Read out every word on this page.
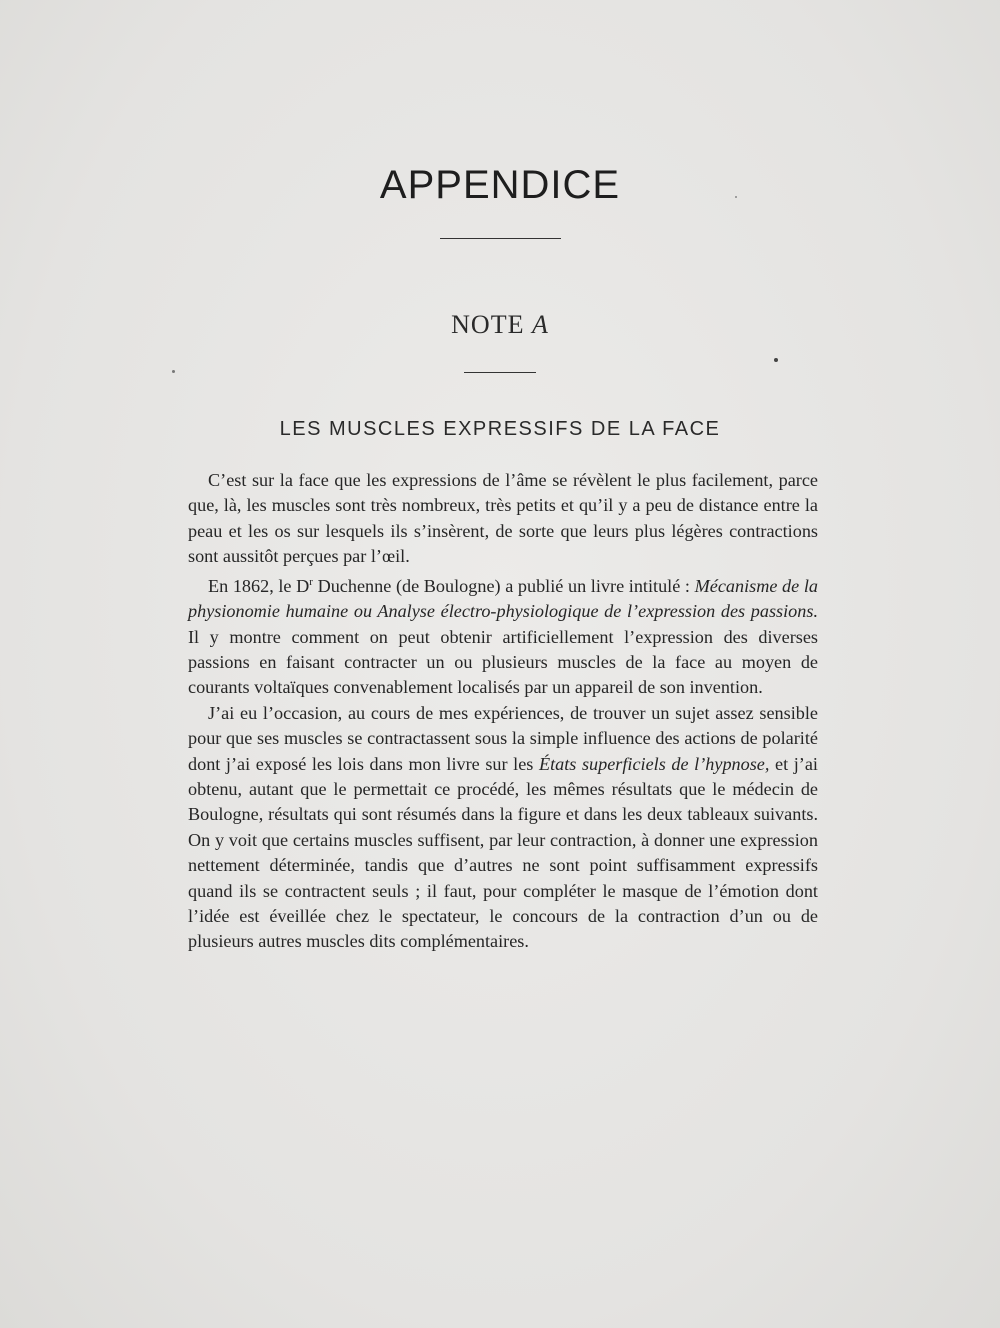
APPENDICE
NOTE A
LES MUSCLES EXPRESSIFS DE LA FACE

C’est sur la face que les expressions de l’âme se révèlent le plus facilement, parce que, là, les muscles sont très nombreux, très petits et qu’il y a peu de distance entre la peau et les os sur lesquels ils s’insèrent, de sorte que leurs plus légères contractions sont aussitôt perçues par l’œil.

En 1862, le $D^r$ Duchenne (de Boulogne) a publié un livre intitulé : Mécanisme de la physionomie humaine ou Analyse électro-physiologique de l’expression des passions. Il y montre comment on peut obtenir artificiellement l’expression des diverses passions en faisant contracter un ou plusieurs muscles de la face au moyen de courants voltaïques convenablement localisés par un appareil de son invention.

J’ai eu l’occasion, au cours de mes expériences, de trouver un sujet assez sensible pour que ses muscles se contractassent sous la simple influence des actions de polarité dont j’ai exposé les lois dans mon livre sur les États superficiels de l’hypnose, et j’ai obtenu, autant que le permettait ce procédé, les mêmes résultats que le médecin de Boulogne, résultats qui sont résumés dans la figure et dans les deux tableaux suivants. On y voit que certains muscles suffisent, par leur contraction, à donner une expression nettement déterminée, tandis que d’autres ne sont point suffisamment expressifs quand ils se contractent seuls ; il faut, pour compléter le masque de l’émotion dont l’idée est éveillée chez le spectateur, le concours de la contraction d’un ou de plusieurs autres muscles dits complémentaires.
